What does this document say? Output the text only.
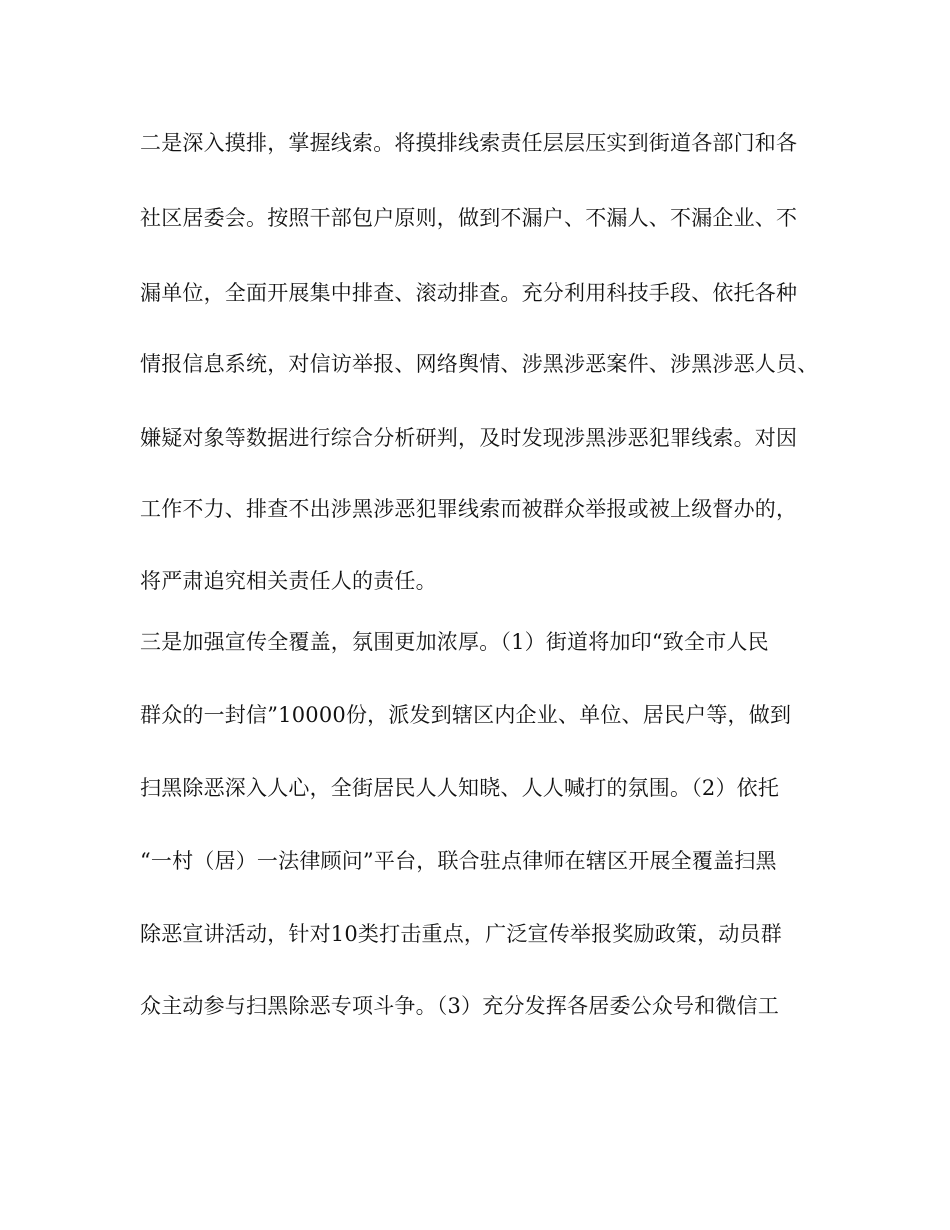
二是深入摸排，掌握线索。将摸排线索责任层层压实到街道各部门和各
社区居委会。按照干部包户原则，做到不漏户、不漏人、不漏企业、不
漏单位，全面开展集中排查、滚动排查。充分利用科技手段、依托各种
情报信息系统，对信访举报、网络舆情、涉黑涉恶案件、涉黑涉恶人员、
嫌疑对象等数据进行综合分析研判，及时发现涉黑涉恶犯罪线索。对因
工作不力、排查不出涉黑涉恶犯罪线索而被群众举报或被上级督办的，
将严肃追究相关责任人的责任。
三是加强宣传全覆盖，氛围更加浓厚。（1）街道将加印“致全市人民
群众的一封信”10000份，派发到辖区内企业、单位、居民户等，做到
扫黑除恶深入人心，全街居民人人知晓、人人喊打的氛围。（2）依托
“一村（居）一法律顾问”平台，联合驻点律师在辖区开展全覆盖扫黑
除恶宣讲活动，针对10类打击重点，广泛宣传举报奖励政策，动员群
众主动参与扫黑除恶专项斗争。（3）充分发挥各居委公众号和微信工
